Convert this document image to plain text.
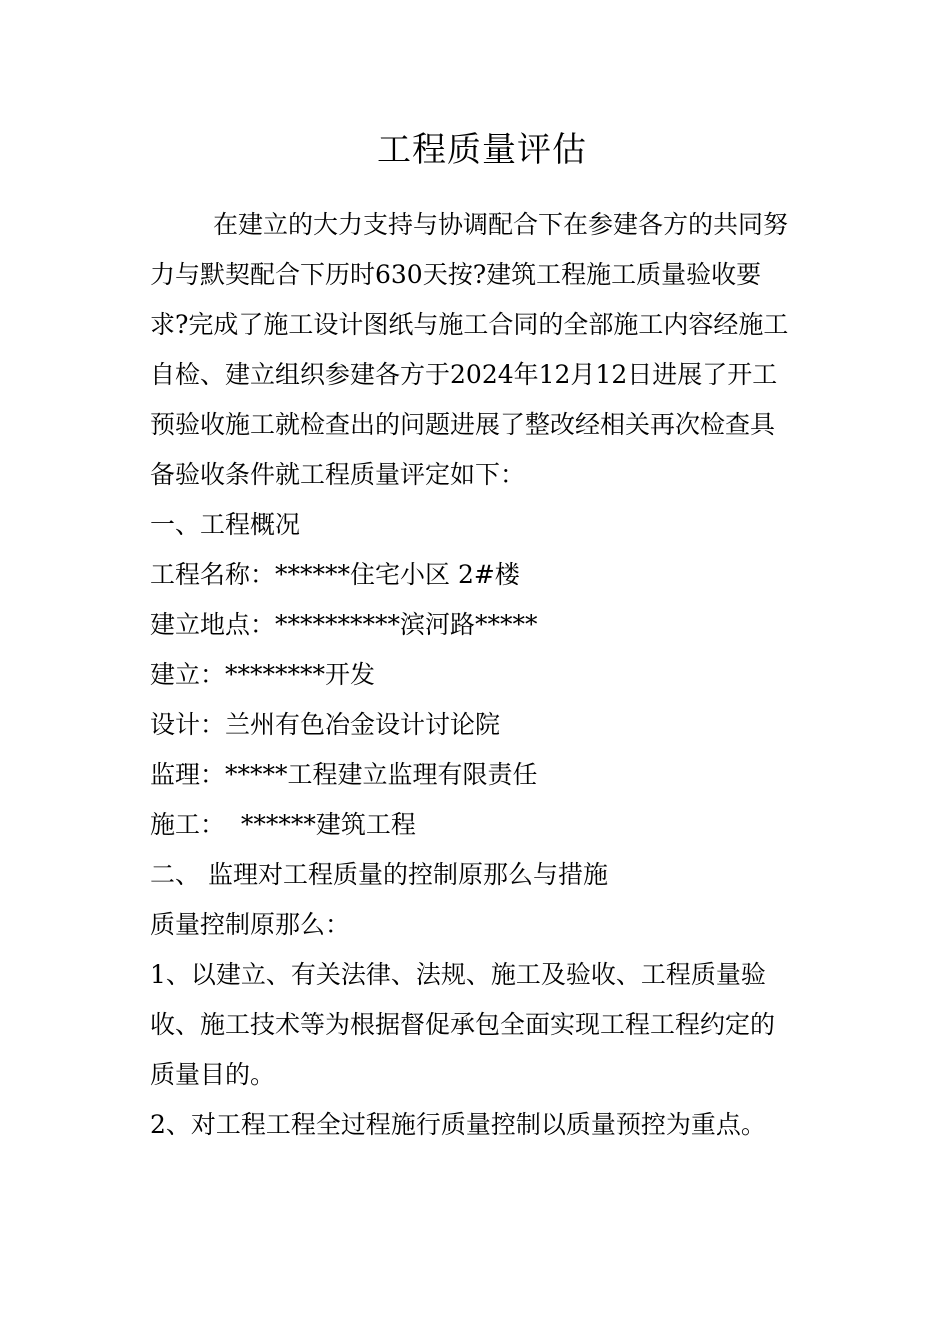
工程质量评估
在建立的大力支持与协调配合下在参建各方的共同努
力与默契配合下历时630天按?建筑工程施工质量验收要
求?完成了施工设计图纸与施工合同的全部施工内容经施工
自检、建立组织参建各方于2024年12月12日进展了开工
预验收施工就检查出的问题进展了整改经相关再次检查具
备验收条件就工程质量评定如下：
一、工程概况
工程名称：******住宅小区 2#楼
建立地点：**********滨河路*****
建立：********开发
设计：兰州有色冶金设计讨论院
监理：*****工程建立监理有限责任
施工：  ******建筑工程
二、 监理对工程质量的控制原那么与措施
质量控制原那么：
1、以建立、有关法律、法规、施工及验收、工程质量验
收、施工技术等为根据督促承包全面实现工程工程约定的
质量目的。
2、对工程工程全过程施行质量控制以质量预控为重点。
